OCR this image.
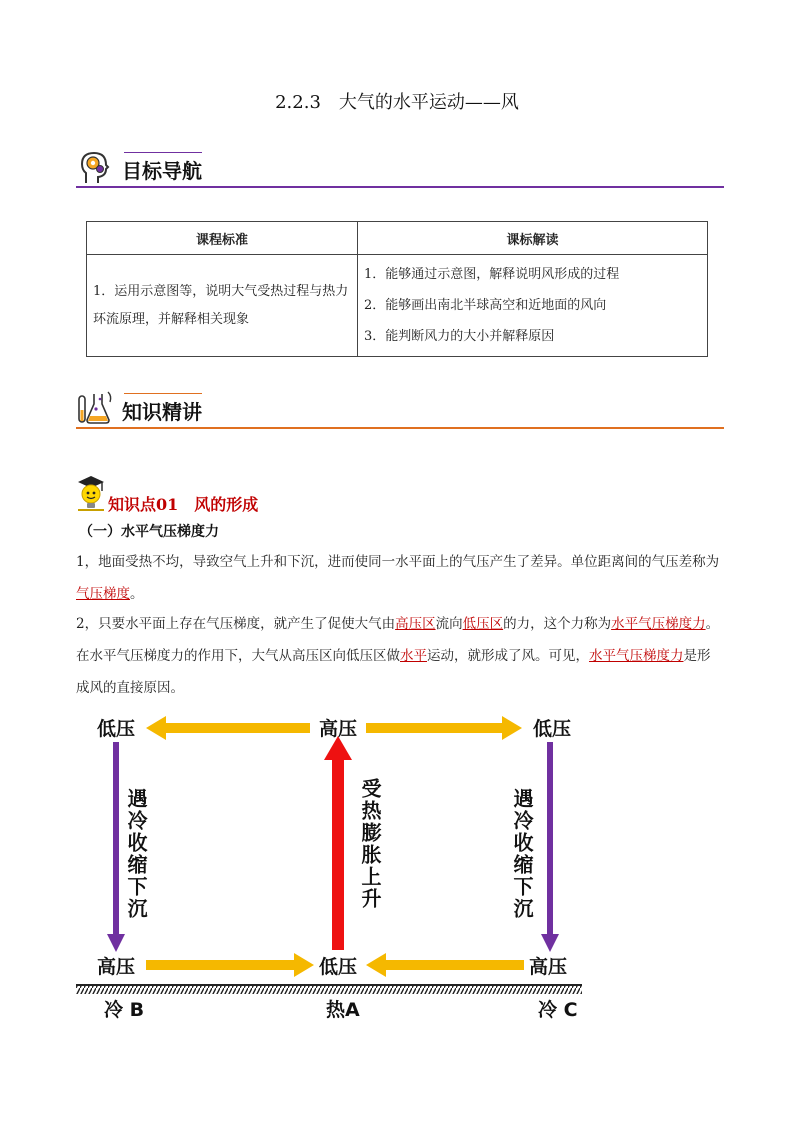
2.2.3　大气的水平运动——风
目标导航
课程标准	课标解读
1．运用示意图等，说明大气受热过程与热力环流原理，并解释相关现象	1．能够通过示意图，解释说明风形成的过程
2．能够画出南北半球高空和近地面的风向
3．能判断风力的大小并解释原因
知识精讲
知识点01　风的形成
（一）水平气压梯度力
1，地面受热不均，导致空气上升和下沉，进而使同一水平面上的气压产生了差异。单位距离间的气压差称为气压梯度。
2，只要水平面上存在气压梯度，就产生了促使大气由高压区流向低压区的力，这个力称为水平气压梯度力。在水平气压梯度力的作用下，大气从高压区向低压区做水平运动，就形成了风。可见，水平气压梯度力是形成风的直接原因。
低压	高压	低压
高压	低压	高压
遇冷收缩下沉	受热膨胀上升	遇冷收缩下沉
冷 B	热A	冷 C
